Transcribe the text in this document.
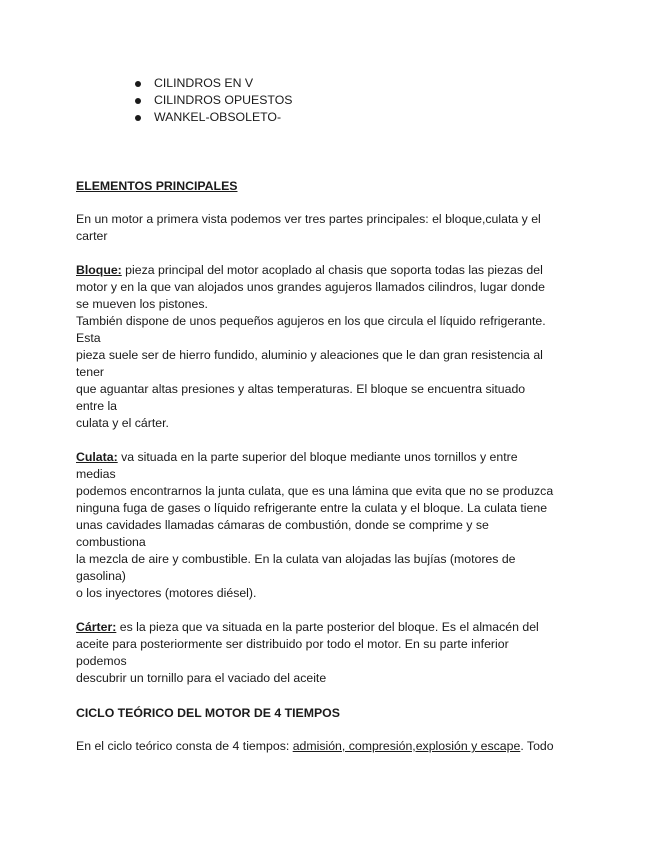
CILINDROS EN V
CILINDROS OPUESTOS
WANKEL-OBSOLETO-
ELEMENTOS PRINCIPALES
En un motor a primera vista podemos ver tres partes principales: el bloque,culata y el
carter
Bloque: pieza principal del motor acoplado al chasis que soporta todas las piezas del
motor y en la que van alojados unos grandes agujeros llamados cilindros, lugar donde
se mueven los pistones.
También dispone de unos pequeños agujeros en los que circula el líquido refrigerante.
Esta
pieza suele ser de hierro fundido, aluminio y aleaciones que le dan gran resistencia al
tener
que aguantar altas presiones y altas temperaturas. El bloque se encuentra situado
entre la
culata y el cárter.
Culata: va situada en la parte superior del bloque mediante unos tornillos y entre
medias
podemos encontrarnos la junta culata, que es una lámina que evita que no se produzca
ninguna fuga de gases o líquido refrigerante entre la culata y el bloque. La culata tiene
unas cavidades llamadas cámaras de combustión, donde se comprime y se
combustiona
la mezcla de aire y combustible. En la culata van alojadas las bujías (motores de
gasolina)
o los inyectores (motores diésel).
Cárter: es la pieza que va situada en la parte posterior del bloque. Es el almacén del
aceite para posteriormente ser distribuido por todo el motor. En su parte inferior
podemos
descubrir un tornillo para el vaciado del aceite
CICLO TEÓRICO DEL MOTOR DE 4 TIEMPOS
En el ciclo teórico consta de 4 tiempos: admisión, compresión,explosión y escape. Todo
